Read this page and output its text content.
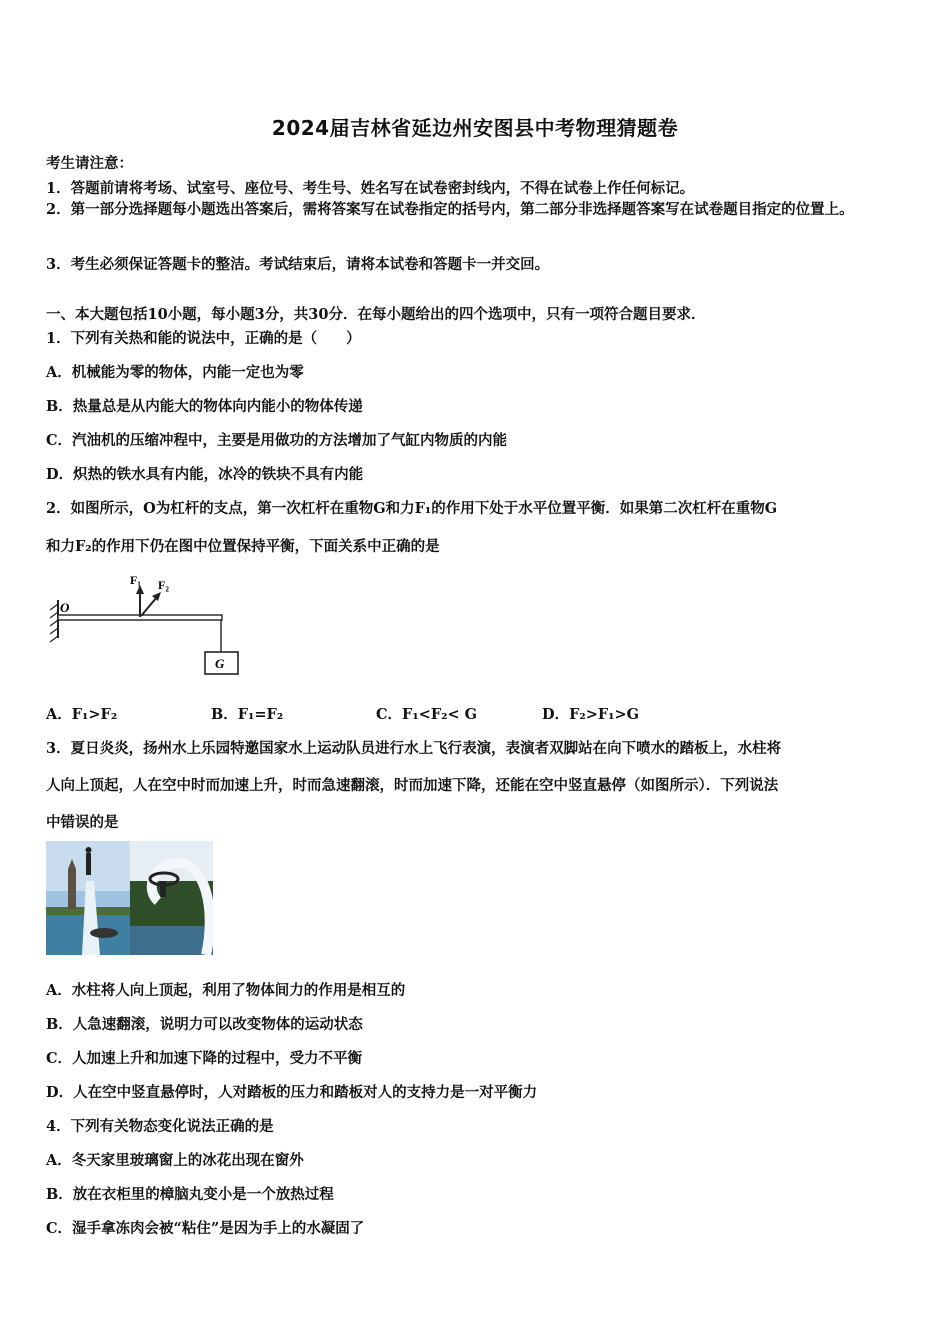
2024届吉林省延边州安图县中考物理猜题卷
考生请注意：
1．答题前请将考场、试室号、座位号、考生号、姓名写在试卷密封线内，不得在试卷上作任何标记。
2．第一部分选择题每小题选出答案后，需将答案写在试卷指定的括号内，第二部分非选择题答案写在试卷题目指定的位置上。
3．考生必须保证答题卡的整洁。考试结束后，请将本试卷和答题卡一并交回。
一、本大题包括10小题，每小题3分，共30分．在每小题给出的四个选项中，只有一项符合题目要求．
1．下列有关热和能的说法中，正确的是（　　）
A．机械能为零的物体，内能一定也为零
B．热量总是从内能大的物体向内能小的物体传递
C．汽油机的压缩冲程中，主要是用做功的方法增加了气缸内物质的内能
D．炽热的铁水具有内能，冰冷的铁块不具有内能
2．如图所示，O为杠杆的支点，第一次杠杆在重物G和力F₁的作用下处于水平位置平衡．如果第二次杠杆在重物G
和力F₂的作用下仍在图中位置保持平衡，下面关系中正确的是
O
F₁ F₂
G
A．F₁>F₂	B．F₁=F₂	C．F₁<F₂< G	D．F₂>F₁>G
3．夏日炎炎，扬州水上乐园特邀国家水上运动队员进行水上飞行表演，表演者双脚站在向下喷水的踏板上，水柱将
人向上顶起，人在空中时而加速上升，时而急速翻滚，时而加速下降，还能在空中竖直悬停（如图所示）．下列说法
中错误的是
A．水柱将人向上顶起，利用了物体间力的作用是相互的
B．人急速翻滚，说明力可以改变物体的运动状态
C．人加速上升和加速下降的过程中，受力不平衡
D．人在空中竖直悬停时，人对踏板的压力和踏板对人的支持力是一对平衡力
4．下列有关物态变化说法正确的是
A．冬天家里玻璃窗上的冰花出现在窗外
B．放在衣柜里的樟脑丸变小是一个放热过程
C．湿手拿冻肉会被“粘住”是因为手上的水凝固了
